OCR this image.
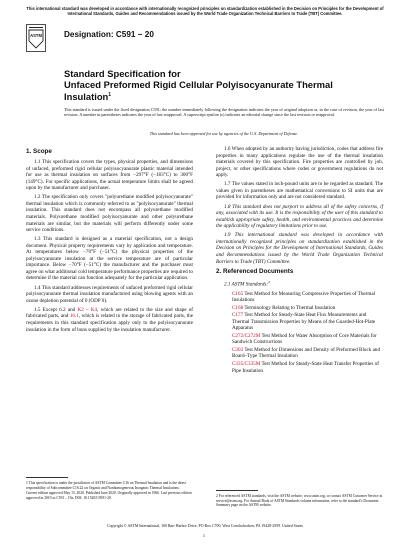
This international standard was developed in accordance with internationally recognized principles on standardization established in the Decision on Principles for the Development of International Standards, Guides and Recommendations issued by the World Trade Organization Technical Barriers to Trade (TBT) Committee.
ASTM	Designation: C591 − 20
Standard Specification for
Unfaced Preformed Rigid Cellular Polyisocyanurate Thermal Insulation$^1$
This standard is issued under the fixed designation C591; the number immediately following the designation indicates the year of original adoption or, in the case of revision, the year of last revision. A number in parentheses indicates the year of last reapproval. A superscript epsilon (ε) indicates an editorial change since the last revision or reapproval.
This standard has been approved for use by agencies of the U.S. Department of Defense.

1. Scope

1.1 This specification covers the types, physical properties, and dimensions of unfaced, preformed rigid cellular polyisocyanurate plastic material intended for use as thermal insulation on surfaces from −297°F (−183°C) to 300°F (149°C). For specific applications, the actual temperature limits shall be agreed upon by the manufacturer and purchaser.

1.2 The specification only covers "polyurethane modified polyisocyanurate" thermal insulation which is commonly referred to as "polyisocyanurate" thermal insulation. This standard does not encompass all polyurethane modified materials. Polyurethane modified polyisocyanurate and other polyurethane materials are similar, but the materials will perform differently under some service conditions.

1.3 This standard is designed as a material specification, not a design document. Physical property requirements vary by application and temperature. At temperatures below −70°F (−51°C) the physical properties of the polyisocyanurate insulation at the service temperature are of particular importance. Below −70°F (−51°C) the manufacturer and the purchaser must agree on what additional cold temperature performance properties are required to determine if the material can function adequately for the particular application.

1.4 This standard addresses requirements of unfaced preformed rigid cellular polyisocyanurate thermal insulation manufactured using blowing agents with an ozone depletion potential of 0 (ODP 0).

1.5 Except 6.2 and K2 – K4, which are related to the size and shape of fabricated parts, and 16.1, which is related to the storage of fabricated parts, the requirements in this standard specification apply only to the polyisocyanurate insulation in the form of buns supplied by the insulation manufacturer.

1.6 When adopted by an authority having jurisdiction, codes that address fire properties in many applications regulate the use of the thermal insulation materials covered by this specification. Fire properties are controlled by job, project, or other specifications where codes or government regulations do not apply.

1.7 The values stated in inch-pound units are to be regarded as standard. The values given in parentheses are mathematical conversions to SI units that are provided for information only and are not considered standard.

1.8 This standard does not purport to address all of the safety concerns, if any, associated with its use. It is the responsibility of the user of this standard to establish appropriate safety, health, and environmental practices and determine the applicability of regulatory limitations prior to use.

1.9 This international standard was developed in accordance with internationally recognized principles on standardization established in the Decision on Principles for the Development of International Standards, Guides and Recommendations issued by the World Trade Organization Technical Barriers to Trade (TBT) Committee.

2. Referenced Documents

2.1 ASTM Standards:$^2$

C165 Test Method for Measuring Compressive Properties of Thermal Insulations

C168 Terminology Relating to Thermal Insulation

C177 Test Method for Steady-State Heat Flux Measurements and Thermal Transmission Properties by Means of the Guarded-Hot-Plate Apparatus

C272/C272M Test Method for Water Absorption of Core Materials for Sandwich Constructions

C303 Test Method for Dimensions and Density of Preformed Block and Board–Type Thermal Insulation

C335/C335M Test Method for Steady-State Heat Transfer Properties of Pipe Insulation

1 This specification is under the jurisdiction of ASTM Committee C16 on Thermal Insulation and is the direct responsibility of Subcommittee C16.22 on Organic and Nonhomogeneous Inorganic Thermal Insulations.

Current edition approved May 15, 2020. Published June 2020. Originally approved in 1966. Last previous edition approved in 2019 as C591 – 19a. DOI: 10.1520/C0591-20.	2 For referenced ASTM standards, visit the ASTM website, www.astm.org, or contact ASTM Customer Service at service@astm.org. For Annual Book of ASTM Standards volume information, refer to the standard's Document Summary page on the ASTM website.

Copyright © ASTM International, 100 Barr Harbor Drive, PO Box C700, West Conshohocken, PA 19428-2959. United States
1
